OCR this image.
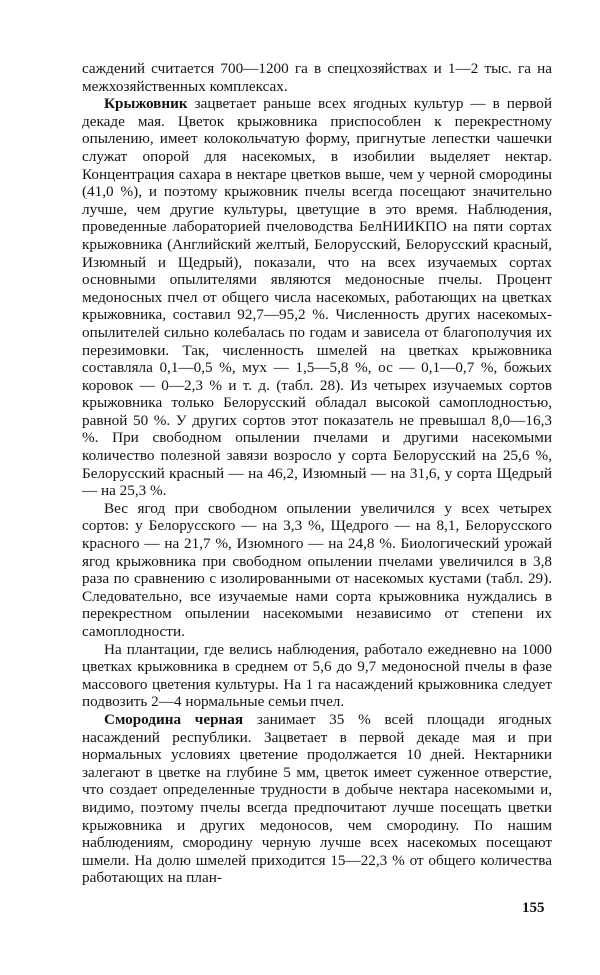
саждений считается 700—1200 га в спецхозяйствах и 1—2 тыс. га на межхозяйственных комплексах.

Крыжовник зацветает раньше всех ягодных культур — в первой декаде мая. Цветок крыжовника приспособлен к перекрестному опылению, имеет колокольчатую форму, пригнутые лепестки чашечки служат опорой для насекомых, в изобилии выделяет нектар. Концентрация сахара в нектаре цветков выше, чем у черной смородины (41,0 %), и поэтому крыжовник пчелы всегда посещают значительно лучше, чем другие культуры, цветущие в это время. Наблюдения, проведенные лабораторией пчеловодства БелНИИКПО на пяти сортах крыжовника (Английский желтый, Белорусский, Белорусский красный, Изюмный и Щедрый), показали, что на всех изучаемых сортах основными опылителями являются медоносные пчелы. Процент медоносных пчел от общего числа насекомых, работающих на цветках крыжовника, составил 92,7—95,2 %. Численность других насекомых-опылителей сильно колебалась по годам и зависела от благополучия их перезимовки. Так, численность шмелей на цветках крыжовника составляла 0,1—0,5 %, мух — 1,5—5,8 %, ос — 0,1—0,7 %, божьих коровок — 0—2,3 % и т. д. (табл. 28). Из четырех изучаемых сортов крыжовника только Белорусский обладал высокой самоплодностью, равной 50 %. У других сортов этот показатель не превышал 8,0—16,3 %. При свободном опылении пчелами и другими насекомыми количество полезной завязи возросло у сорта Белорусский на 25,6 %, Белорусский красный — на 46,2, Изюмный — на 31,6, у сорта Щедрый — на 25,3 %.

Вес ягод при свободном опылении увеличился у всех четырех сортов: у Белорусского — на 3,3 %, Щедрого — на 8,1, Белорусского красного — на 21,7 %, Изюмного — на 24,8 %. Биологический урожай ягод крыжовника при свободном опылении пчелами увеличился в 3,8 раза по сравнению с изолированными от насекомых кустами (табл. 29). Следовательно, все изучаемые нами сорта крыжовника нуждались в перекрестном опылении насекомыми независимо от степени их самоплодности.

На плантации, где велись наблюдения, работало ежедневно на 1000 цветках крыжовника в среднем от 5,6 до 9,7 медоносной пчелы в фазе массового цветения культуры. На 1 га насаждений крыжовника следует подвозить 2—4 нормальные семьи пчел.

Смородина черная занимает 35 % всей площади ягодных насаждений республики. Зацветает в первой декаде мая и при нормальных условиях цветение продолжается 10 дней. Нектарники залегают в цветке на глубине 5 мм, цветок имеет суженное отверстие, что создает определенные трудности в добыче нектара насекомыми и, видимо, поэтому пчелы всегда предпочитают лучше посещать цветки крыжовника и других медоносов, чем смородину. По нашим наблюдениям, смородину черную лучше всех насекомых посещают шмели. На долю шмелей приходится 15—22,3 % от общего количества работающих на план-

155
